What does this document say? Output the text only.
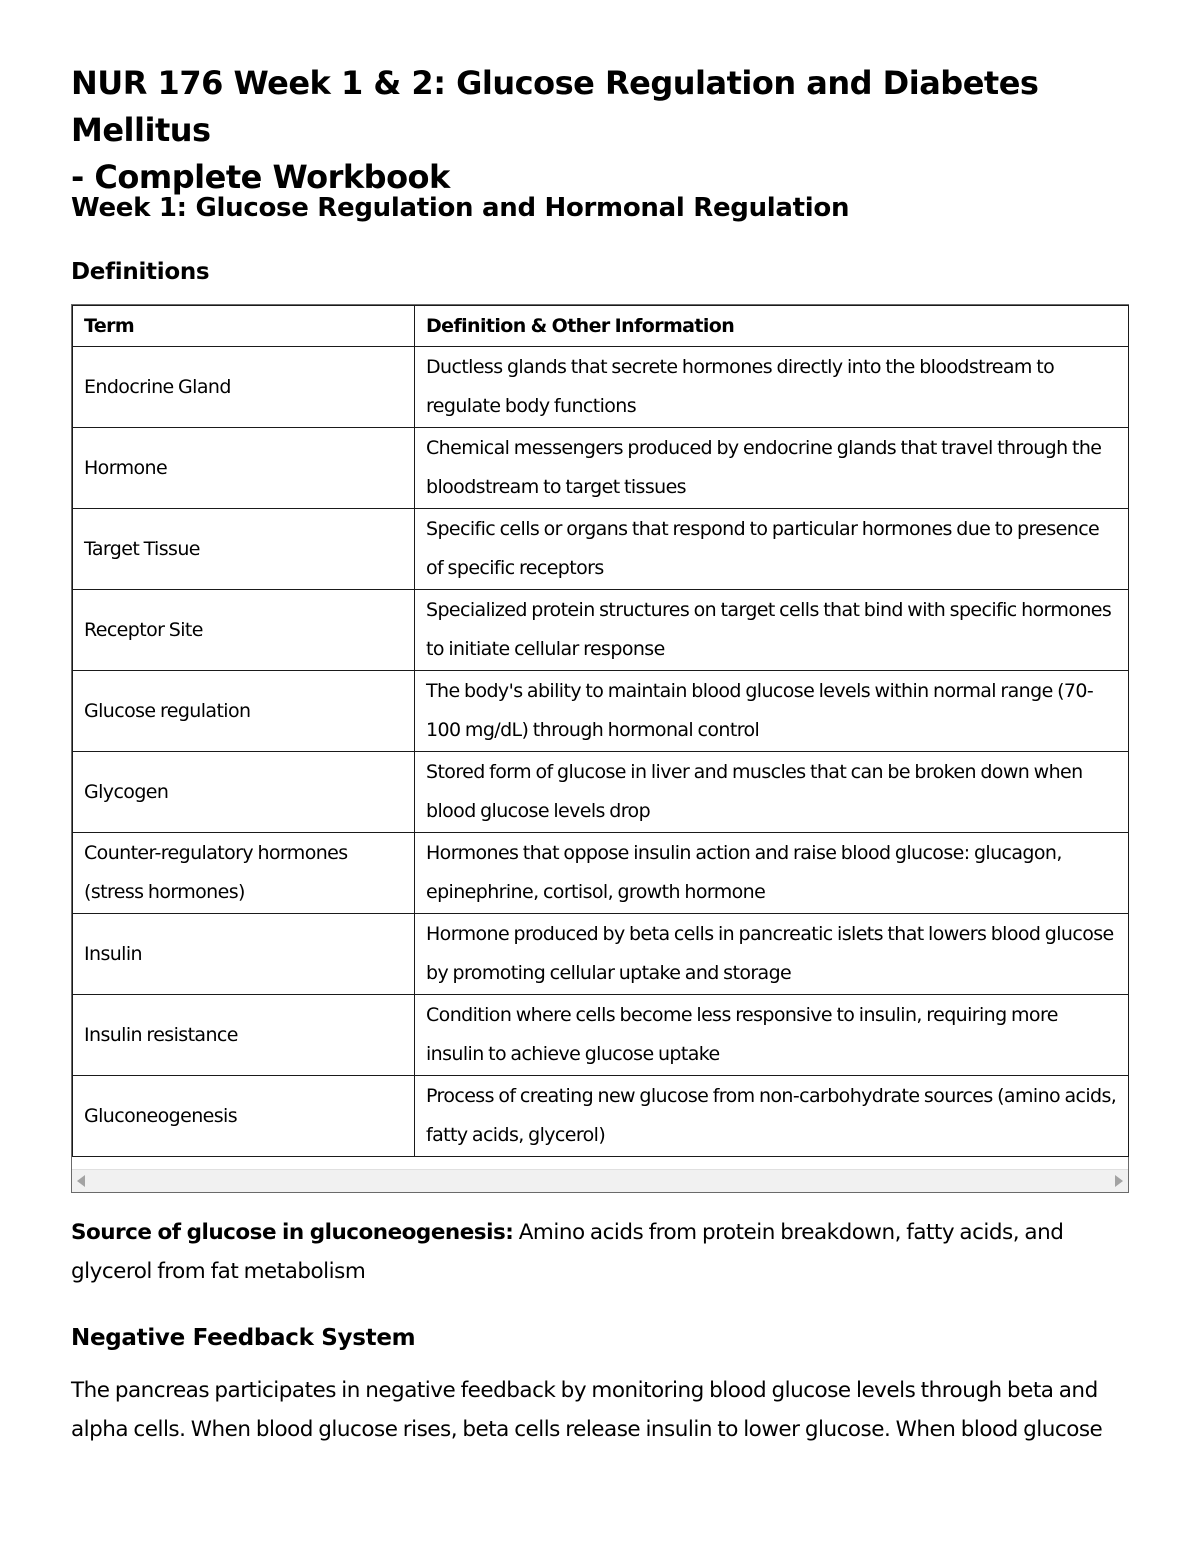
NUR 176 Week 1 & 2: Glucose Regulation and Diabetes Mellitus
- Complete Workbook
Week 1: Glucose Regulation and Hormonal Regulation
Definitions
Term	Definition & Other Information
Endocrine Gland	Ductless glands that secrete hormones directly into the bloodstream to regulate body functions
Hormone	Chemical messengers produced by endocrine glands that travel through the bloodstream to target tissues
Target Tissue	Specific cells or organs that respond to particular hormones due to presence of specific receptors
Receptor Site	Specialized protein structures on target cells that bind with specific hormones to initiate cellular response
Glucose regulation	The body's ability to maintain blood glucose levels within normal range (70-100 mg/dL) through hormonal control
Glycogen	Stored form of glucose in liver and muscles that can be broken down when blood glucose levels drop
Counter-regulatory hormones (stress hormones)	Hormones that oppose insulin action and raise blood glucose: glucagon, epinephrine, cortisol, growth hormone
Insulin	Hormone produced by beta cells in pancreatic islets that lowers blood glucose by promoting cellular uptake and storage
Insulin resistance	Condition where cells become less responsive to insulin, requiring more insulin to achieve glucose uptake
Gluconeogenesis	Process of creating new glucose from non-carbohydrate sources (amino acids, fatty acids, glycerol)

Source of glucose in gluconeogenesis: Amino acids from protein breakdown, fatty acids, and glycerol from fat metabolism

Negative Feedback System

The pancreas participates in negative feedback by monitoring blood glucose levels through beta and alpha cells. When blood glucose rises, beta cells release insulin to lower glucose. When blood glucose
